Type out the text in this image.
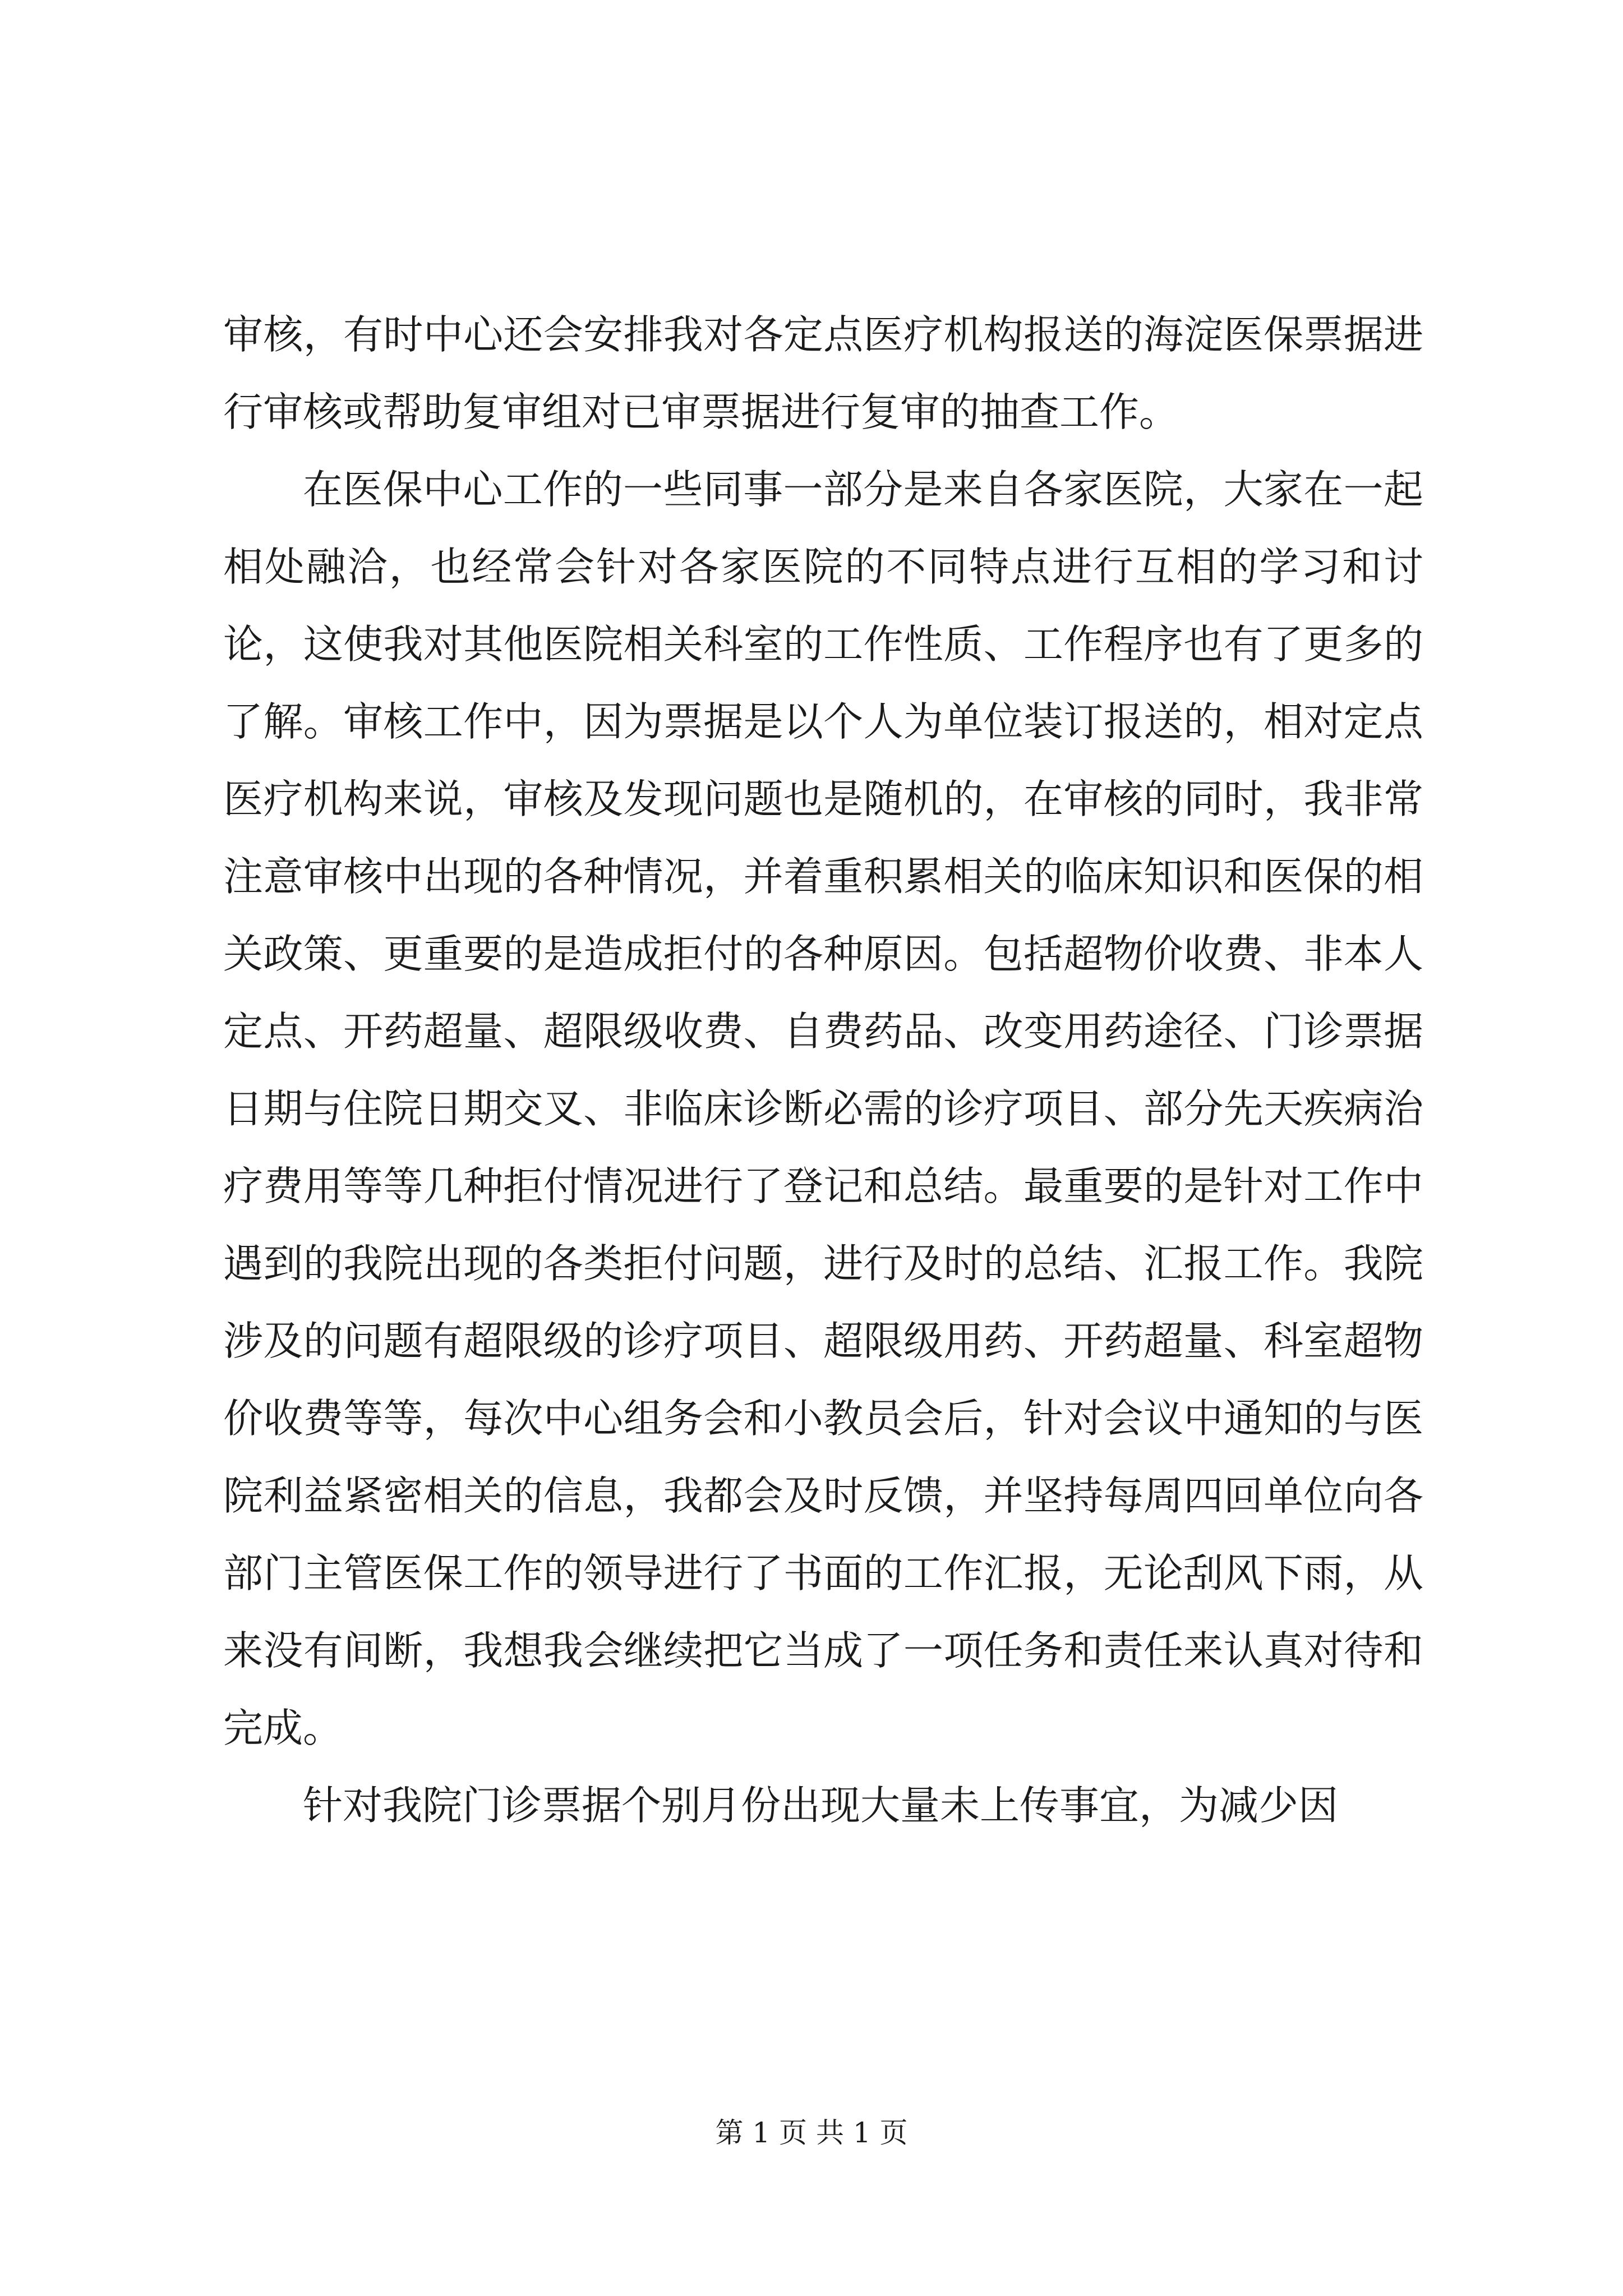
审核，有时中心还会安排我对各定点医疗机构报送的海淀医保票据进行审核或帮助复审组对已审票据进行复审的抽查工作。

在医保中心工作的一些同事一部分是来自各家医院，大家在一起相处融洽，也经常会针对各家医院的不同特点进行互相的学习和讨论，这使我对其他医院相关科室的工作性质、工作程序也有了更多的了解。审核工作中，因为票据是以个人为单位装订报送的，相对定点医疗机构来说，审核及发现问题也是随机的，在审核的同时，我非常注意审核中出现的各种情况，并着重积累相关的临床知识和医保的相关政策、更重要的是造成拒付的各种原因。包括超物价收费、非本人定点、开药超量、超限级收费、自费药品、改变用药途径、门诊票据日期与住院日期交叉、非临床诊断必需的诊疗项目、部分先天疾病治疗费用等等几种拒付情况进行了登记和总结。最重要的是针对工作中遇到的我院出现的各类拒付问题，进行及时的总结、汇报工作。我院涉及的问题有超限级的诊疗项目、超限级用药、开药超量、科室超物价收费等等，每次中心组务会和小教员会后，针对会议中通知的与医院利益紧密相关的信息，我都会及时反馈，并坚持每周四回单位向各部门主管医保工作的领导进行了书面的工作汇报，无论刮风下雨，从来没有间断，我想我会继续把它当成了一项任务和责任来认真对待和完成。

针对我院门诊票据个别月份出现大量未上传事宜，为减少因

第 1 页 共 1 页
